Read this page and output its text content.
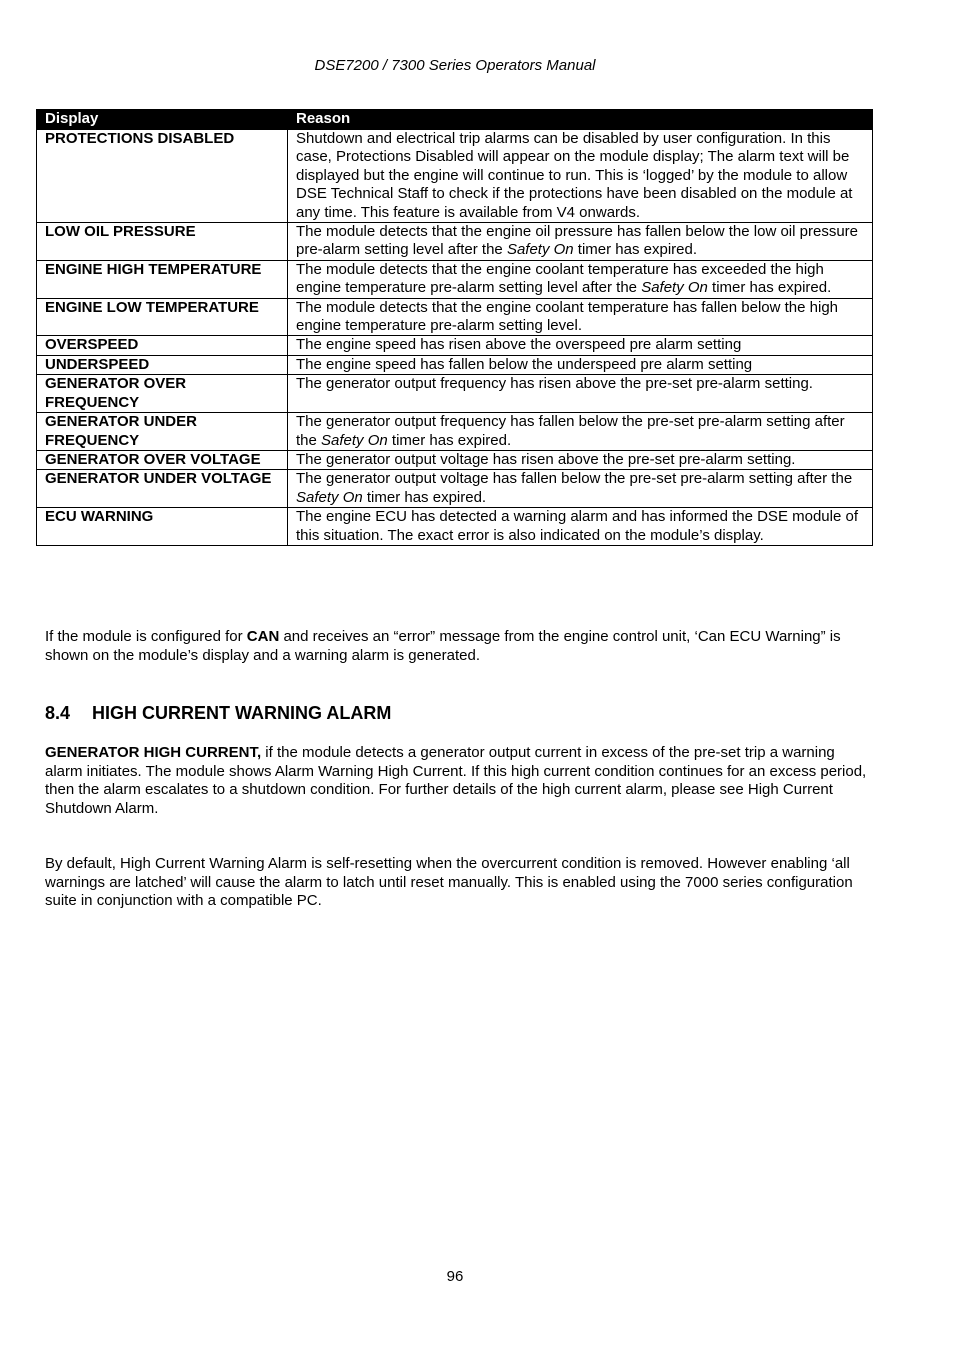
DSE7200 / 7300 Series Operators Manual
Display	Reason
PROTECTIONS DISABLED	Shutdown and electrical trip alarms can be disabled by user configuration. In this case, Protections Disabled will appear on the module display; The alarm text will be displayed but the engine will continue to run. This is ‘logged’ by the module to allow DSE Technical Staff to check if the protections have been disabled on the module at any time. This feature is available from V4 onwards.
LOW OIL PRESSURE	The module detects that the engine oil pressure has fallen below the low oil pressure pre-alarm setting level after the Safety On timer has expired.
ENGINE HIGH TEMPERATURE	The module detects that the engine coolant temperature has exceeded the high engine temperature pre-alarm setting level after the Safety On timer has expired.
ENGINE LOW TEMPERATURE	The module detects that the engine coolant temperature has fallen below the high engine temperature pre-alarm setting level.
OVERSPEED	The engine speed has risen above the overspeed pre alarm setting
UNDERSPEED	The engine speed has fallen below the underspeed pre alarm setting
GENERATOR OVER FREQUENCY	The generator output frequency has risen above the pre-set pre-alarm setting.
GENERATOR UNDER FREQUENCY	The generator output frequency has fallen below the pre-set pre-alarm setting after the Safety On timer has expired.
GENERATOR OVER VOLTAGE	The generator output voltage has risen above the pre-set pre-alarm setting.
GENERATOR UNDER VOLTAGE	The generator output voltage has fallen below the pre-set pre-alarm setting after the Safety On timer has expired.
ECU WARNING	The engine ECU has detected a warning alarm and has informed the DSE module of this situation. The exact error is also indicated on the module’s display.

If the module is configured for CAN and receives an “error” message from the engine control unit, ‘Can ECU Warning” is shown on the module’s display and a warning alarm is generated.

8.4 HIGH CURRENT WARNING ALARM

GENERATOR HIGH CURRENT, if the module detects a generator output current in excess of the pre-set trip a warning alarm initiates. The module shows Alarm Warning High Current. If this high current condition continues for an excess period, then the alarm escalates to a shutdown condition. For further details of the high current alarm, please see High Current Shutdown Alarm.

By default, High Current Warning Alarm is self-resetting when the overcurrent condition is removed. However enabling ‘all warnings are latched’ will cause the alarm to latch until reset manually. This is enabled using the 7000 series configuration suite in conjunction with a compatible PC.

96
